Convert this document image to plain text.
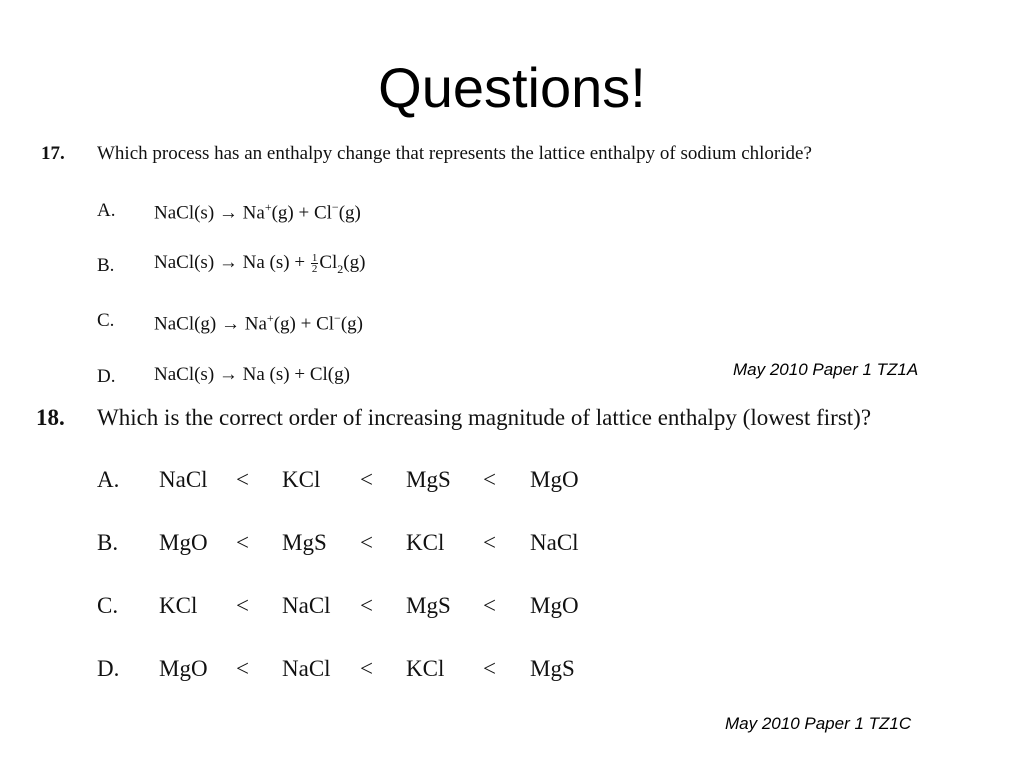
Questions!
17. Which process has an enthalpy change that represents the lattice enthalpy of sodium chloride?
A. NaCl(s) → Na+(g) + Cl−(g)
B. NaCl(s) → Na $(s) + \frac{1}{2} Cl_2(g)$
C. NaCl(g) → Na+(g) + Cl−(g)
D. NaCl(s) → Na (s) + Cl(g)	May 2010 Paper 1 TZ1A
18. Which is the correct order of increasing magnitude of lattice enthalpy (lowest first)?
A. NaCl < KCl < MgS < MgO
B. MgO < MgS < KCl < NaCl
C. KCl < NaCl < MgS < MgO
D. MgO < NaCl < KCl < MgS
May 2010 Paper 1 TZ1C
